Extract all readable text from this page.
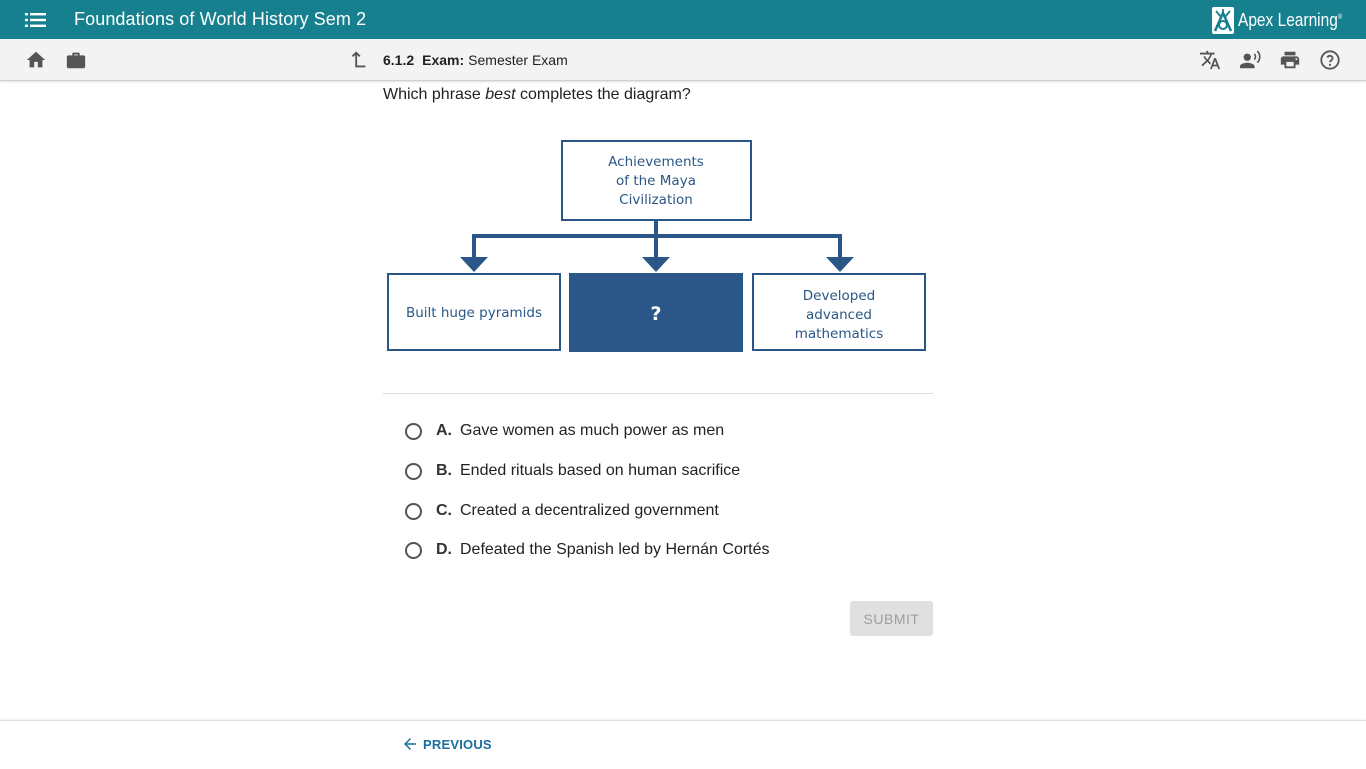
Foundations of World History Sem 2	Apex Learning®
6.1.2 Exam: Semester Exam
Which phrase best completes the diagram?
Achievements
of the Maya
Civilization
Built huge pyramids	?
Developed
advanced
mathematics
A. Gave women as much power as men
B. Ended rituals based on human sacrifice
C. Created a decentralized government
D. Defeated the Spanish led by Hernán Cortés
SUBMIT
PREVIOUS
